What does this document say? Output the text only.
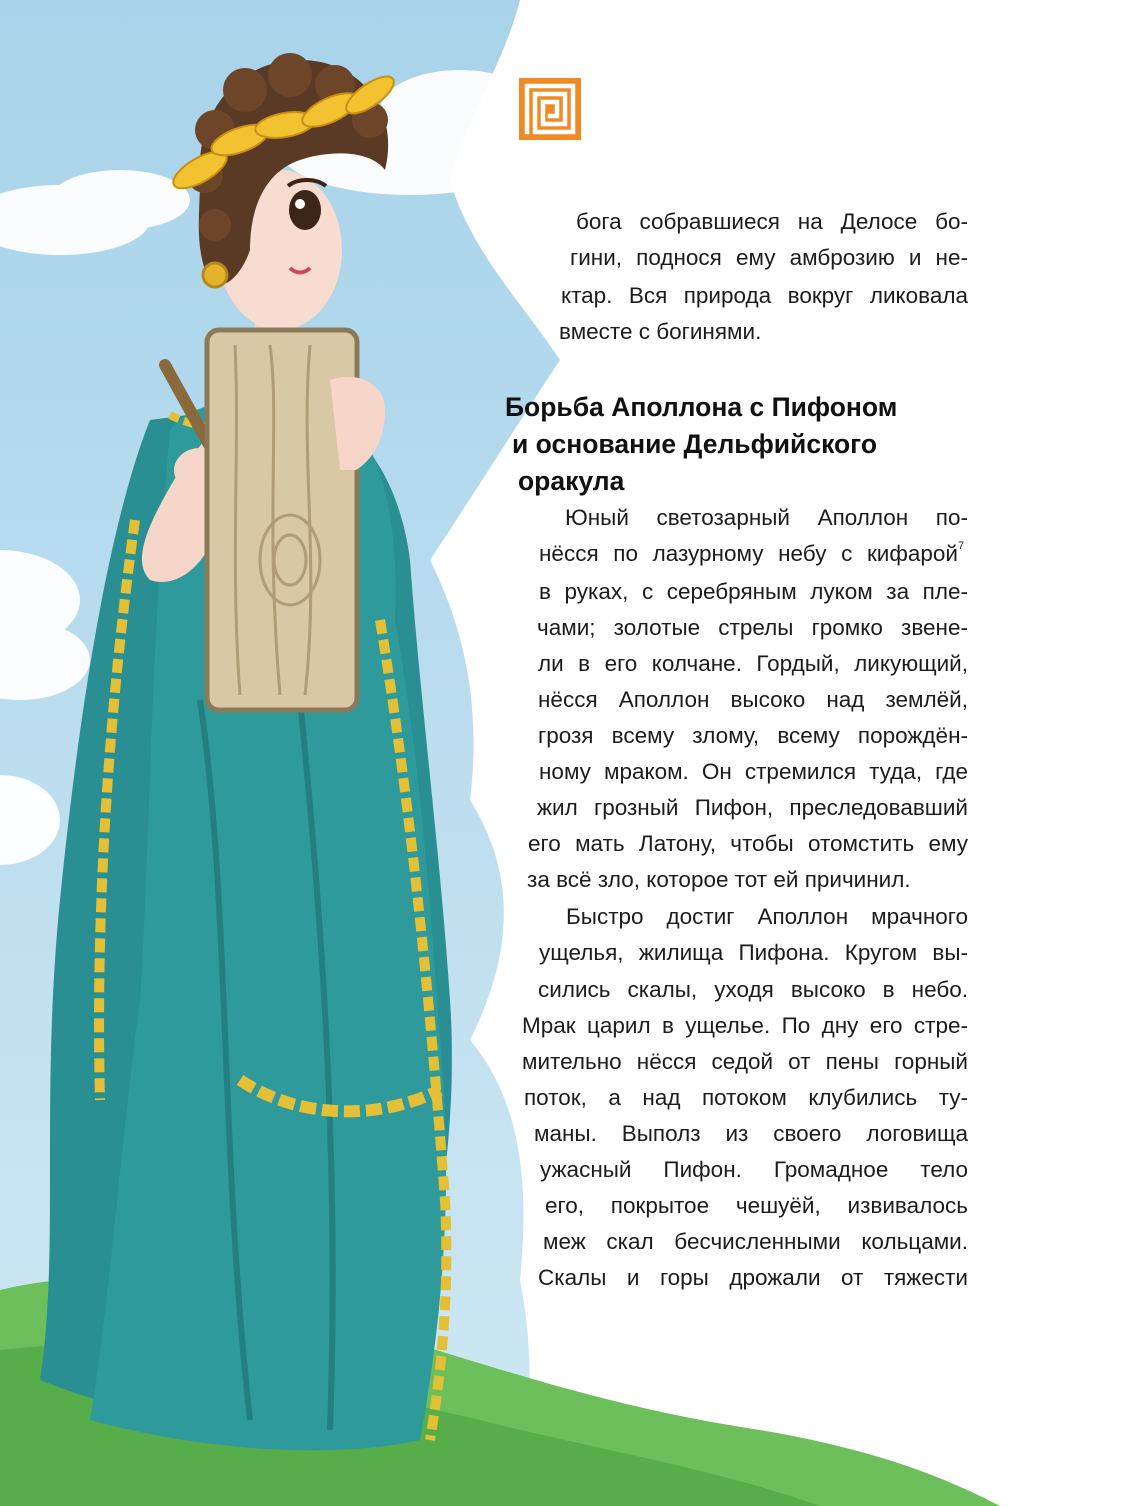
бога собравшиеся на Делосе бо-
гини, поднося ему амброзию и не-
ктар. Вся природа вокруг ликовала
вместе с богинями.
Борьба Аполлона с Пифоном
и основание Дельфийского
оракула
Юный светозарный Аполлон по-
нёсся по лазурному небу с кифарой 7
в руках, с серебряным луком за пле-
чами; золотые стрелы громко звене-
ли в его колчане. Гордый, ликующий,
нёсся Аполлон высоко над землёй,
грозя всему злому, всему порождён-
ному мраком. Он стремился туда, где
жил грозный Пифон, преследовавший
его мать Латону, чтобы отомстить ему
за всё зло, которое тот ей причинил.
Быстро достиг Аполлон мрачного
ущелья, жилища Пифона. Кругом вы-
сились скалы, уходя высоко в небо.
Мрак царил в ущелье. По дну его стре-
мительно нёсся седой от пены горный
поток, а над потоком клубились ту-
маны. Выполз из своего логовища
ужасный Пифон. Громадное тело
его, покрытое чешуёй, извивалось
меж скал бесчисленными кольцами.
Скалы и горы дрожали от тяжести
